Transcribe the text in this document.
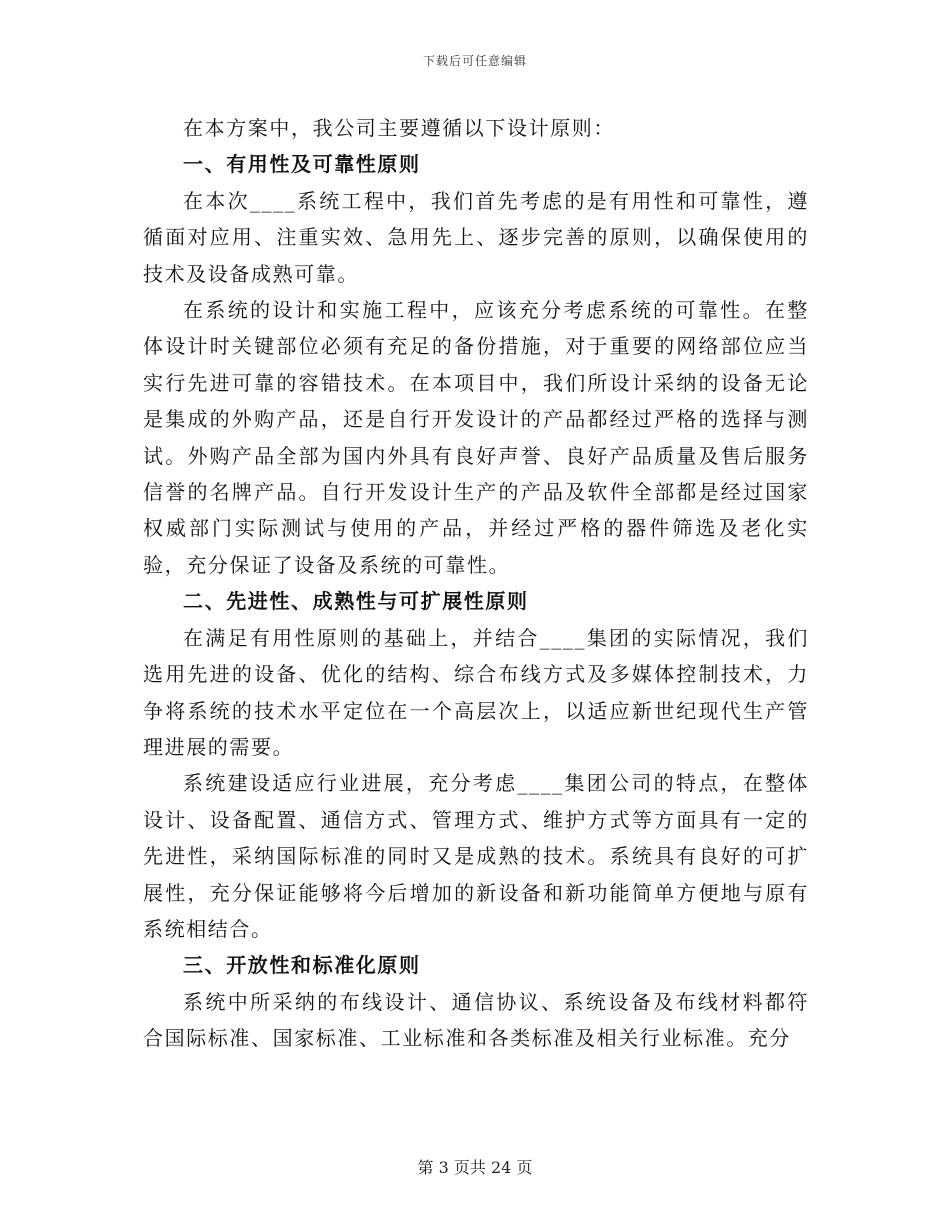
下载后可任意编辑

在本方案中，我公司主要遵循以下设计原则：

一、有用性及可靠性原则

在本次____系统工程中，我们首先考虑的是有用性和可靠性，遵循面对应用、注重实效、急用先上、逐步完善的原则，以确保使用的技术及设备成熟可靠。

在系统的设计和实施工程中，应该充分考虑系统的可靠性。在整体设计时关键部位必须有充足的备份措施，对于重要的网络部位应当实行先进可靠的容错技术。在本项目中，我们所设计采纳的设备无论是集成的外购产品，还是自行开发设计的产品都经过严格的选择与测试。外购产品全部为国内外具有良好声誉、良好产品质量及售后服务信誉的名牌产品。自行开发设计生产的产品及软件全部都是经过国家权威部门实际测试与使用的产品，并经过严格的器件筛选及老化实验，充分保证了设备及系统的可靠性。

二、先进性、成熟性与可扩展性原则

在满足有用性原则的基础上，并结合____集团的实际情况，我们选用先进的设备、优化的结构、综合布线方式及多媒体控制技术，力争将系统的技术水平定位在一个高层次上，以适应新世纪现代生产管理进展的需要。

系统建设适应行业进展，充分考虑____集团公司的特点，在整体设计、设备配置、通信方式、管理方式、维护方式等方面具有一定的先进性，采纳国际标准的同时又是成熟的技术。系统具有良好的可扩展性，充分保证能够将今后增加的新设备和新功能简单方便地与原有系统相结合。

三、开放性和标准化原则

系统中所采纳的布线设计、通信协议、系统设备及布线材料都符合国际标准、国家标准、工业标准和各类标准及相关行业标准。充分

第 3 页共 24 页
